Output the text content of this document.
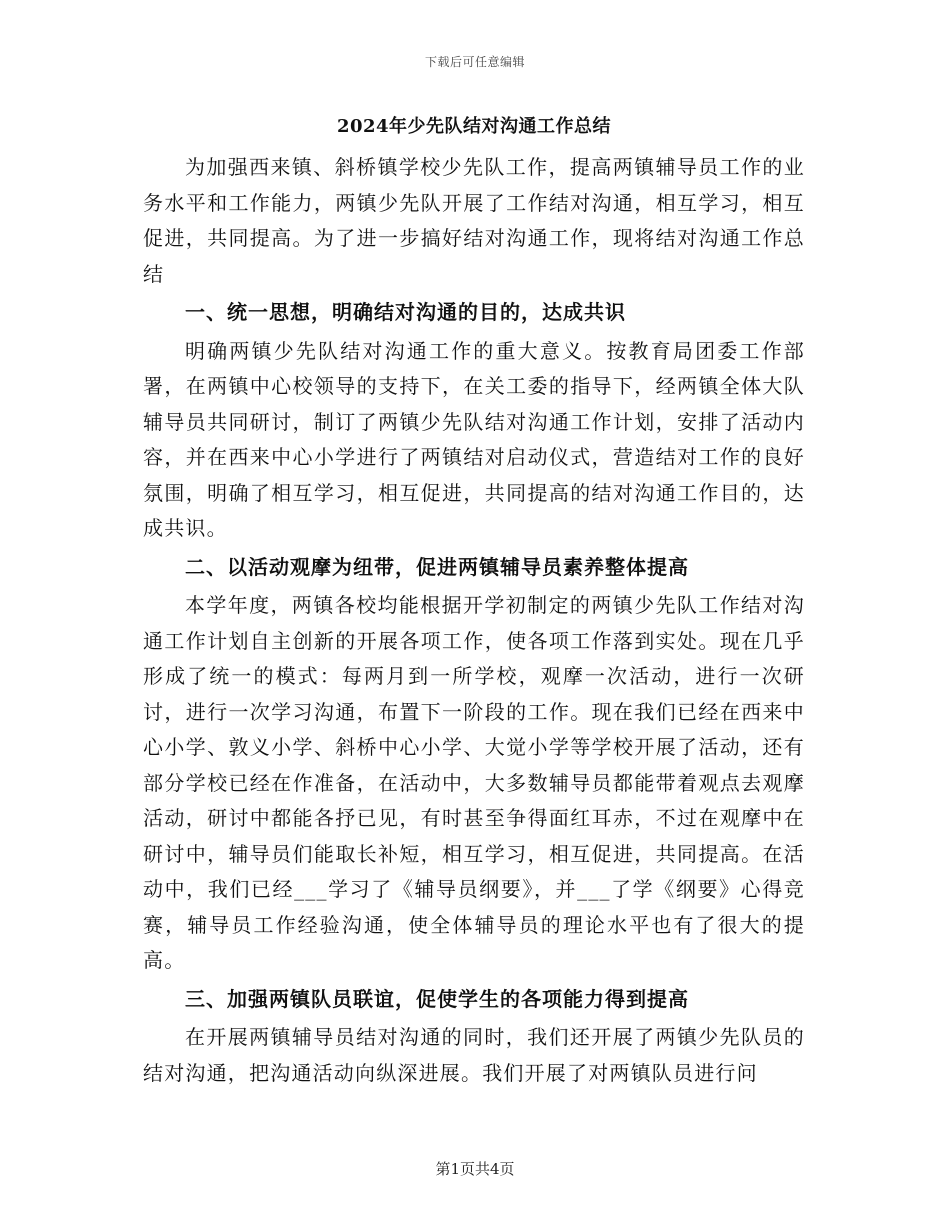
下载后可任意编辑
2024年少先队结对沟通工作总结

为加强西来镇、斜桥镇学校少先队工作，提高两镇辅导员工作的业务水平和工作能力，两镇少先队开展了工作结对沟通，相互学习，相互促进，共同提高。为了进一步搞好结对沟通工作，现将结对沟通工作总结

一、统一思想，明确结对沟通的目的，达成共识

明确两镇少先队结对沟通工作的重大意义。按教育局团委工作部署，在两镇中心校领导的支持下，在关工委的指导下，经两镇全体大队辅导员共同研讨，制订了两镇少先队结对沟通工作计划，安排了活动内容，并在西来中心小学进行了两镇结对启动仪式，营造结对工作的良好氛围，明确了相互学习，相互促进，共同提高的结对沟通工作目的，达成共识。

二、以活动观摩为纽带，促进两镇辅导员素养整体提高

本学年度，两镇各校均能根据开学初制定的两镇少先队工作结对沟通工作计划自主创新的开展各项工作，使各项工作落到实处。现在几乎形成了统一的模式：每两月到一所学校，观摩一次活动，进行一次研讨，进行一次学习沟通，布置下一阶段的工作。现在我们已经在西来中心小学、敦义小学、斜桥中心小学、大觉小学等学校开展了活动，还有部分学校已经在作准备，在活动中，大多数辅导员都能带着观点去观摩活动，研讨中都能各抒已见，有时甚至争得面红耳赤，不过在观摩中在研讨中，辅导员们能取长补短，相互学习，相互促进，共同提高。在活动中，我们已经___学习了《辅导员纲要》，并___了学《纲要》心得竞赛，辅导员工作经验沟通，使全体辅导员的理论水平也有了很大的提高。

三、加强两镇队员联谊，促使学生的各项能力得到提高

在开展两镇辅导员结对沟通的同时，我们还开展了两镇少先队员的结对沟通，把沟通活动向纵深进展。我们开展了对两镇队员进行问

第1页共4页
